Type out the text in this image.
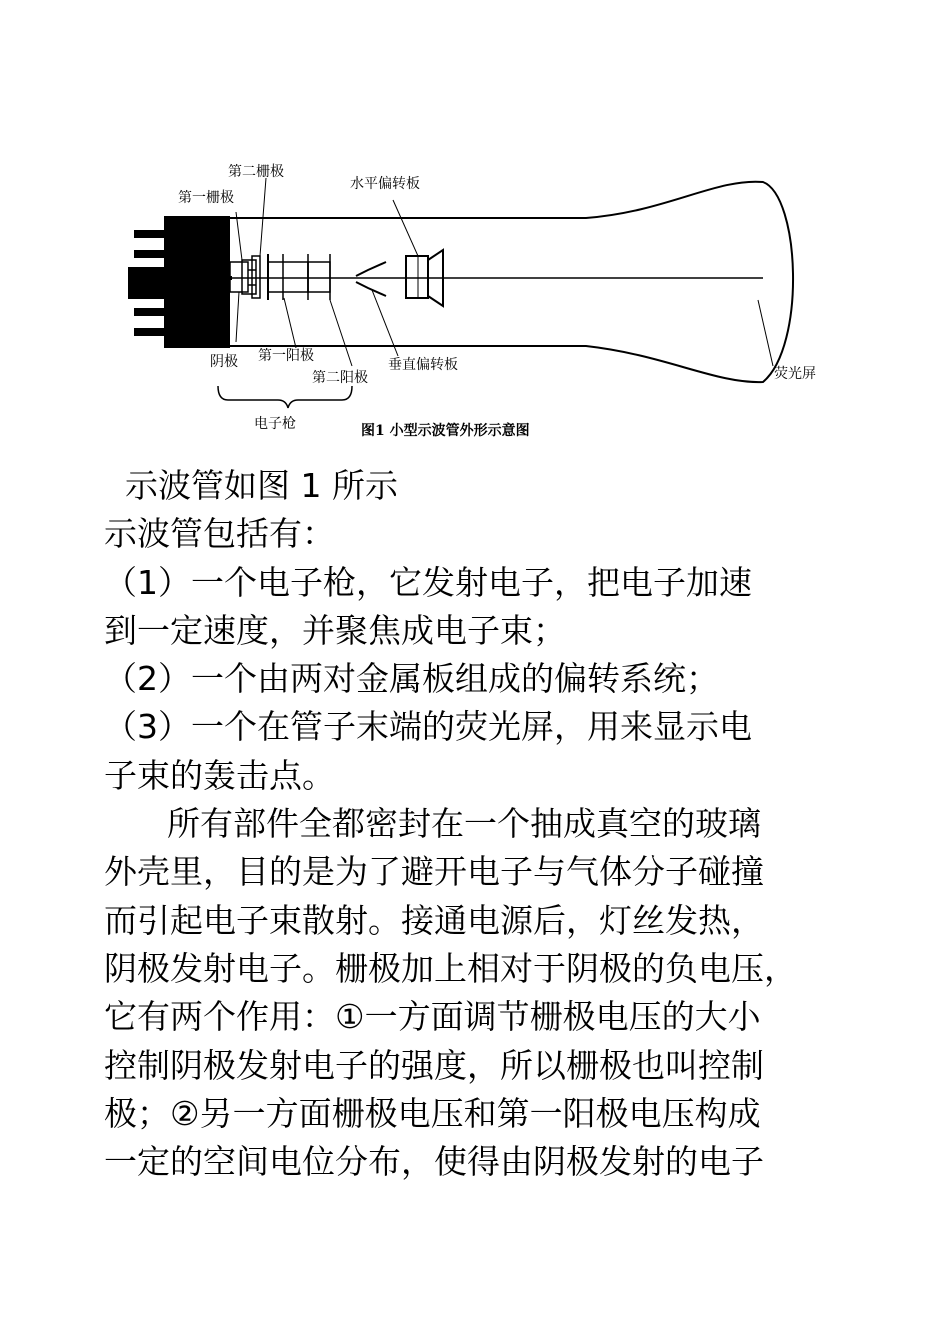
第二栅极
第一栅极
水平偏转板
阴极 第一阳极
第二阳极
垂直偏转板
荧光屏
电子枪	图1 小型示波管外形示意图

示波管如图 1 所示

示波管包括有：

（1）一个电子枪，它发射电子，把电子加速

到一定速度，并聚焦成电子束；

（2）一个由两对金属板组成的偏转系统；

（3）一个在管子末端的荧光屏，用来显示电

子束的轰击点。

所有部件全都密封在一个抽成真空的玻璃

外壳里，目的是为了避开电子与气体分子碰撞

而引起电子束散射。接通电源后，灯丝发热，

阴极发射电子。栅极加上相对于阴极的负电压，

它有两个作用：①一方面调节栅极电压的大小

控制阴极发射电子的强度，所以栅极也叫控制

极；②另一方面栅极电压和第一阳极电压构成

一定的空间电位分布，使得由阴极发射的电子
